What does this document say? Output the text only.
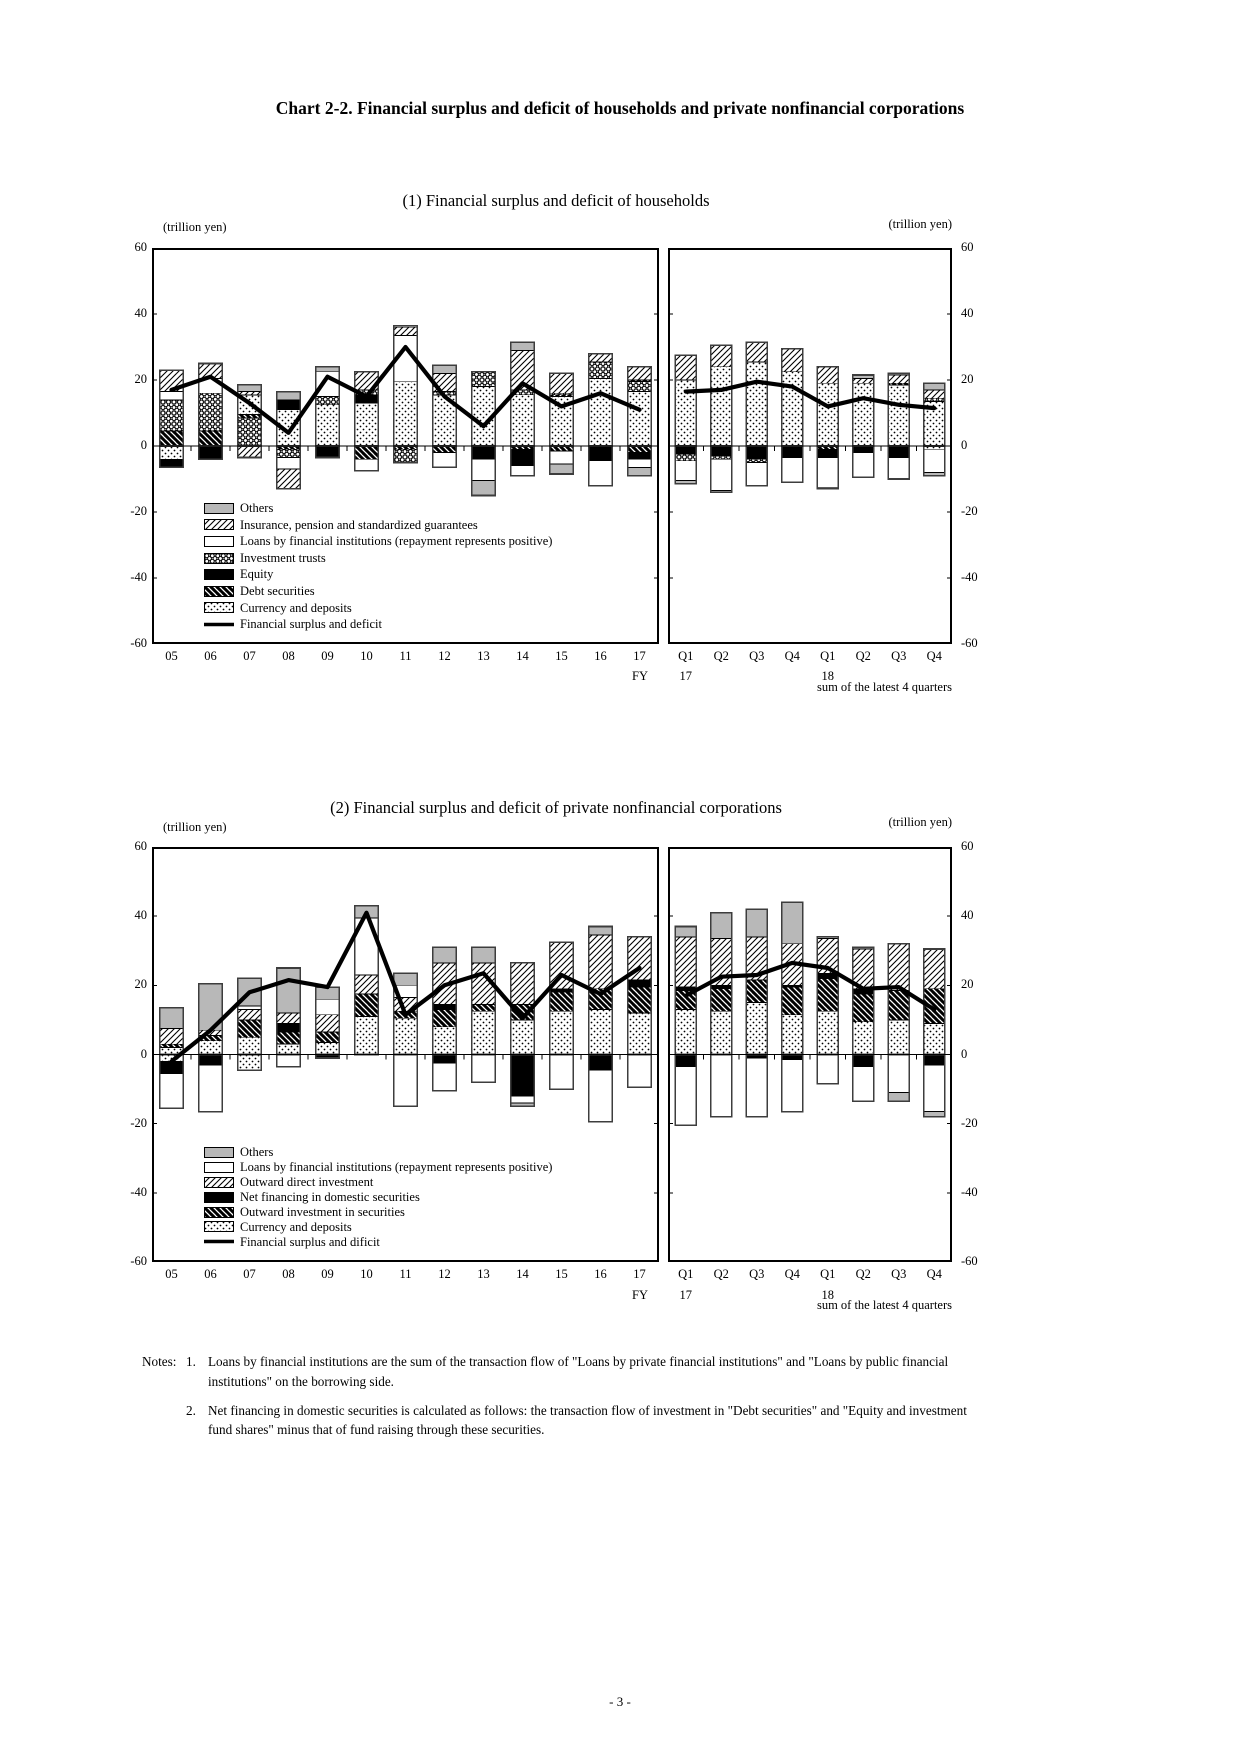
Chart 2-2. Financial surplus and deficit of households and private nonfinancial corporations
(1) Financial surplus and deficit of households
(trillion yen)	(trillion yen)
FY
sum of the latest 4 quarters
60	60
40	40
20	20
0	0
-20	-20
-40	-40
-60	-60
05	06	07	08	09	10	11	12	13	14	15	16	17	Q1	Q2	Q3	Q4	Q1	Q2	Q3	Q4
17	18
Others
Insurance, pension and standardized guarantees
Loans by financial institutions (repayment represents positive)
Investment trusts
Equity
Debt securities
Currency and deposits
Financial surplus and deficit
(2) Financial surplus and deficit of private nonfinancial corporations
(trillion yen)	(trillion yen)
FY
sum of the latest 4 quarters
60	60
40	40
20	20
0	0
-20	-20
-40	-40
-60	-60
05	06	07	08	09	10	11	12	13	14	15	16	17	Q1	Q2	Q3	Q4	Q1	Q2	Q3	Q4
17	18
Others
Loans by financial institutions (repayment represents positive)
Outward direct investment
Net financing in domestic securities
Outward investment in securities
Currency and deposits
Financial surplus and dificit
Notes: 1. Loans by financial institutions are the sum of the transaction flow of "Loans by private financial institutions" and "Loans by public financial institutions" on the borrowing side.
2. Net financing in domestic securities is calculated as follows: the transaction flow of investment in "Debt securities" and "Equity and investment fund shares" minus that of fund raising through these securities.
- 3 -
